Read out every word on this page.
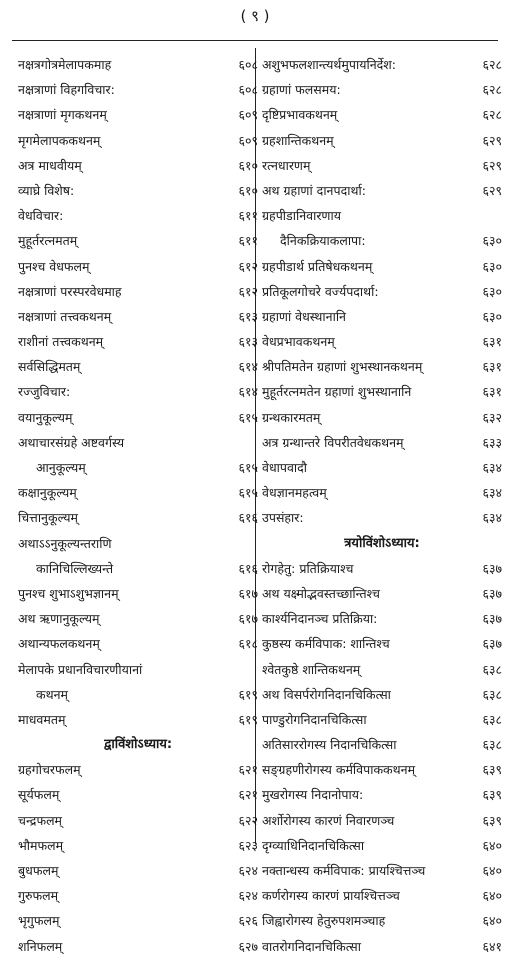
( ९ )
नक्षत्रगोत्रमेलापकमाह	६०८
नक्षत्राणां विहगविचार:	६०८
नक्षत्राणां मृगकथनम्	६०९
मृगमेलापककथनम्	६०९
अत्र माधवीयम्	६१०
व्याघ्रे विशेष:	६१०
वेधविचार:	६११
मुहूर्तरत्नमतम्	६११
पुनश्च वेधफलम्	६१२
नक्षत्राणां परस्परवेधमाह	६१२
नक्षत्राणां तत्त्वकथनम्	६१३
राशीनां तत्त्वकथनम्	६१३
सर्वसिद्धिमतम्	६१४
रज्जुविचार:	६१४
वयानुकूल्यम्	६१५
अथाचारसंग्रहे अष्टवर्गस्य
आनुकूल्यम्	६१५
कक्षानुकूल्यम्	६१५
चित्तानुकूल्यम्	६१६
अथाऽऽनुकूल्यन्तराणि
कानिचिल्लिख्यन्ते	६१६
पुनश्च शुभाऽशुभज्ञानम्	६१७
अथ ऋणानुकूल्यम्	६१७
अथान्यफलकथनम्	६१८
मेलापके प्रधानविचारणीयानां
कथनम्	६१९
माधवमतम्	६१९
द्वाविंशोऽध्याय:
ग्रहगोचरफलम्	६२१
सूर्यफलम्	६२१
चन्द्रफलम्	६२२
भौमफलम्	६२३
बुधफलम्	६२४
गुरुफलम्	६२४
भृगुफलम्	६२६
शनिफलम्	६२७
अशुभफलशान्त्यर्थमुपायनिर्देश:	६२८
ग्रहाणां फलसमय:	६२८
दृष्टिप्रभावकथनम्	६२८
ग्रहशान्तिकथनम्	६२९
रत्नधारणम्	६२९
अथ ग्रहाणां दानपदार्था:	६२९
ग्रहपीडानिवारणाय
दैनिकक्रियाकलापा:	६३०
ग्रहपीडार्थ प्रतिषेधकथनम्	६३०
प्रतिकूलगोचरे वर्ज्यपदार्था:	६३०
ग्रहाणां वेधस्थानानि	६३०
वेधप्रभावकथनम्	६३१
श्रीपतिमतेन ग्रहाणां शुभस्थानकथनम्	६३१
मुहूर्तरत्नमतेन ग्रहाणां शुभस्थानानि	६३१
ग्रन्थकारमतम्	६३२
अत्र ग्रन्थान्तरे विपरीतवेधकथनम्	६३३
वेधापवादौ	६३४
वेधज्ञानमहत्वम्	६३४
उपसंहार:	६३४
त्रयोविंशोऽध्याय:
रोगहेतु: प्रतिक्रियाश्च	६३७
अथ यक्ष्मोद्भवस्तच्छान्तिश्च	६३७
कार्श्यनिदानञ्च प्रतिक्रिया:	६३७
कुष्ठस्य कर्मविपाक: शान्तिश्च	६३७
श्वेतकुष्ठे शान्तिकथनम्	६३८
अथ विसर्परोगनिदानचिकित्सा	६३८
पाण्डुरोगनिदानचिकित्सा	६३८
अतिसाररोगस्य निदानचिकित्सा	६३८
सङ्ग्रहणीरोगस्य कर्मविपाककथनम्	६३९
मुखरोगस्य निदानोपाय:	६३९
अर्शोरोगस्य कारणं निवारणञ्च	६३९
दृग्व्याधिनिदानचिकित्सा	६४०
नक्तान्धस्य कर्मविपाक: प्रायश्चित्तञ्च	६४०
कर्णरोगस्य कारणं प्रायश्चित्तञ्च	६४०
जिह्वारोगस्य हेतुरुपशमञ्चाह	६४०
वातरोगनिदानचिकित्सा	६४१
